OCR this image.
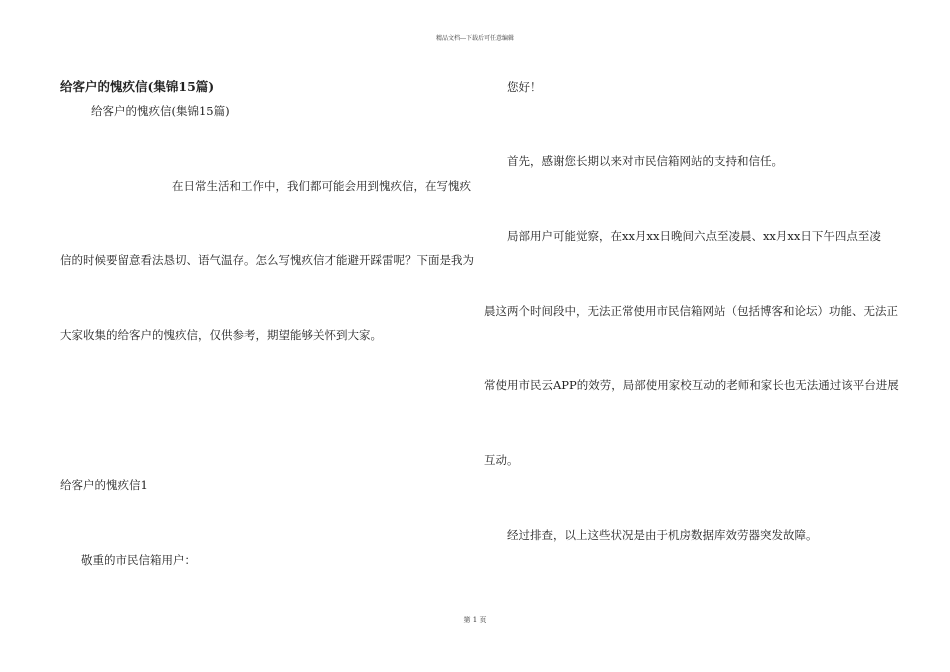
精品文档---下载后可任意编辑
给客户的愧疚信(集锦15篇)
给客户的愧疚信(集锦15篇)
在日常生活和工作中，我们都可能会用到愧疚信，在写愧疚
信的时候要留意看法恳切、语气温存。怎么写愧疚信才能避开踩雷呢？下面是我为
大家收集的给客户的愧疚信，仅供参考，期望能够关怀到大家。
给客户的愧疚信1
敬重的市民信箱用户：
您好！
首先，感谢您长期以来对市民信箱网站的支持和信任。
局部用户可能觉察，在xx月xx日晚间六点至凌晨、xx月xx日下午四点至凌
晨这两个时间段中，无法正常使用市民信箱网站（包括博客和论坛）功能、无法正
常使用市民云APP的效劳，局部使用家校互动的老师和家长也无法通过该平台进展
互动。
经过排查，以上这些状况是由于机房数据库效劳器突发故障。
第 1 页
